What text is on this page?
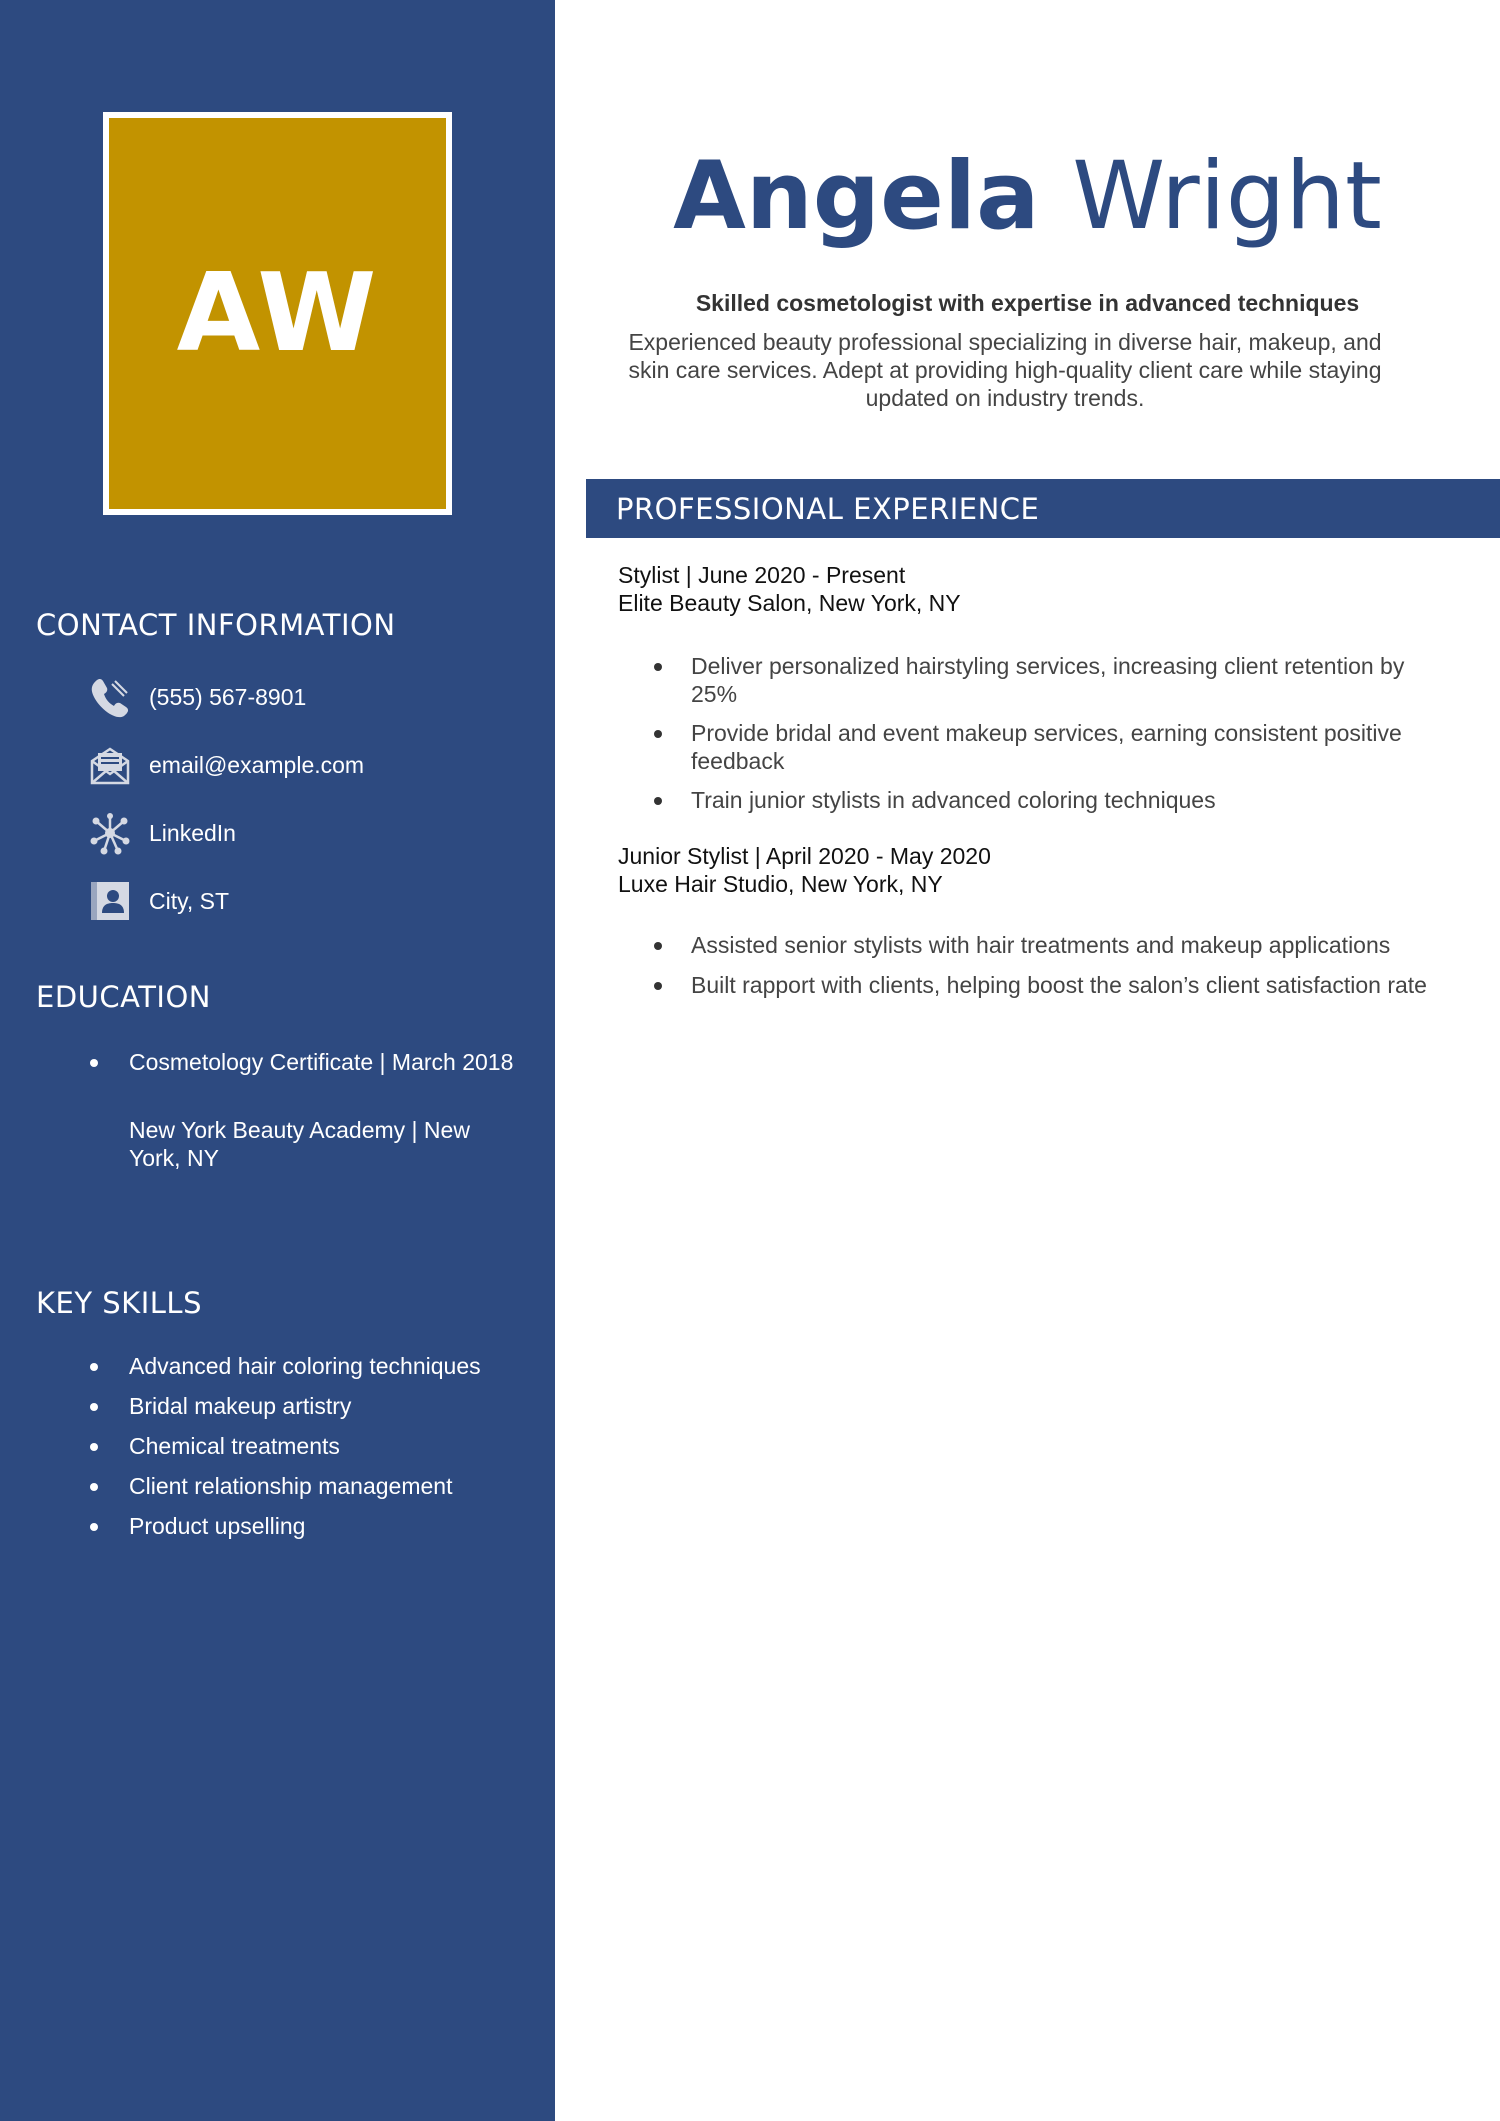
AW
CONTACT INFORMATION
(555) 567-8901
email@example.com
LinkedIn
City, ST
EDUCATION
Cosmetology Certificate | March 2018
New York Beauty Academy | New York, NY
KEY SKILLS
Advanced hair coloring techniques
Bridal makeup artistry
Chemical treatments
Client relationship management
Product upselling
Angela Wright

Skilled cosmetologist with expertise in advanced techniques

Experienced beauty professional specializing in diverse hair, makeup, and skin care services. Adept at providing high-quality client care while staying updated on industry trends.

PROFESSIONAL EXPERIENCE

Stylist | June 2020 - Present

Elite Beauty Salon, New York, NY

Deliver personalized hairstyling services, increasing client retention by 25%
Provide bridal and event makeup services, earning consistent positive feedback
Train junior stylists in advanced coloring techniques

Junior Stylist | April 2020 - May 2020

Luxe Hair Studio, New York, NY

Assisted senior stylists with hair treatments and makeup applications
Built rapport with clients, helping boost the salon’s client satisfaction rate
